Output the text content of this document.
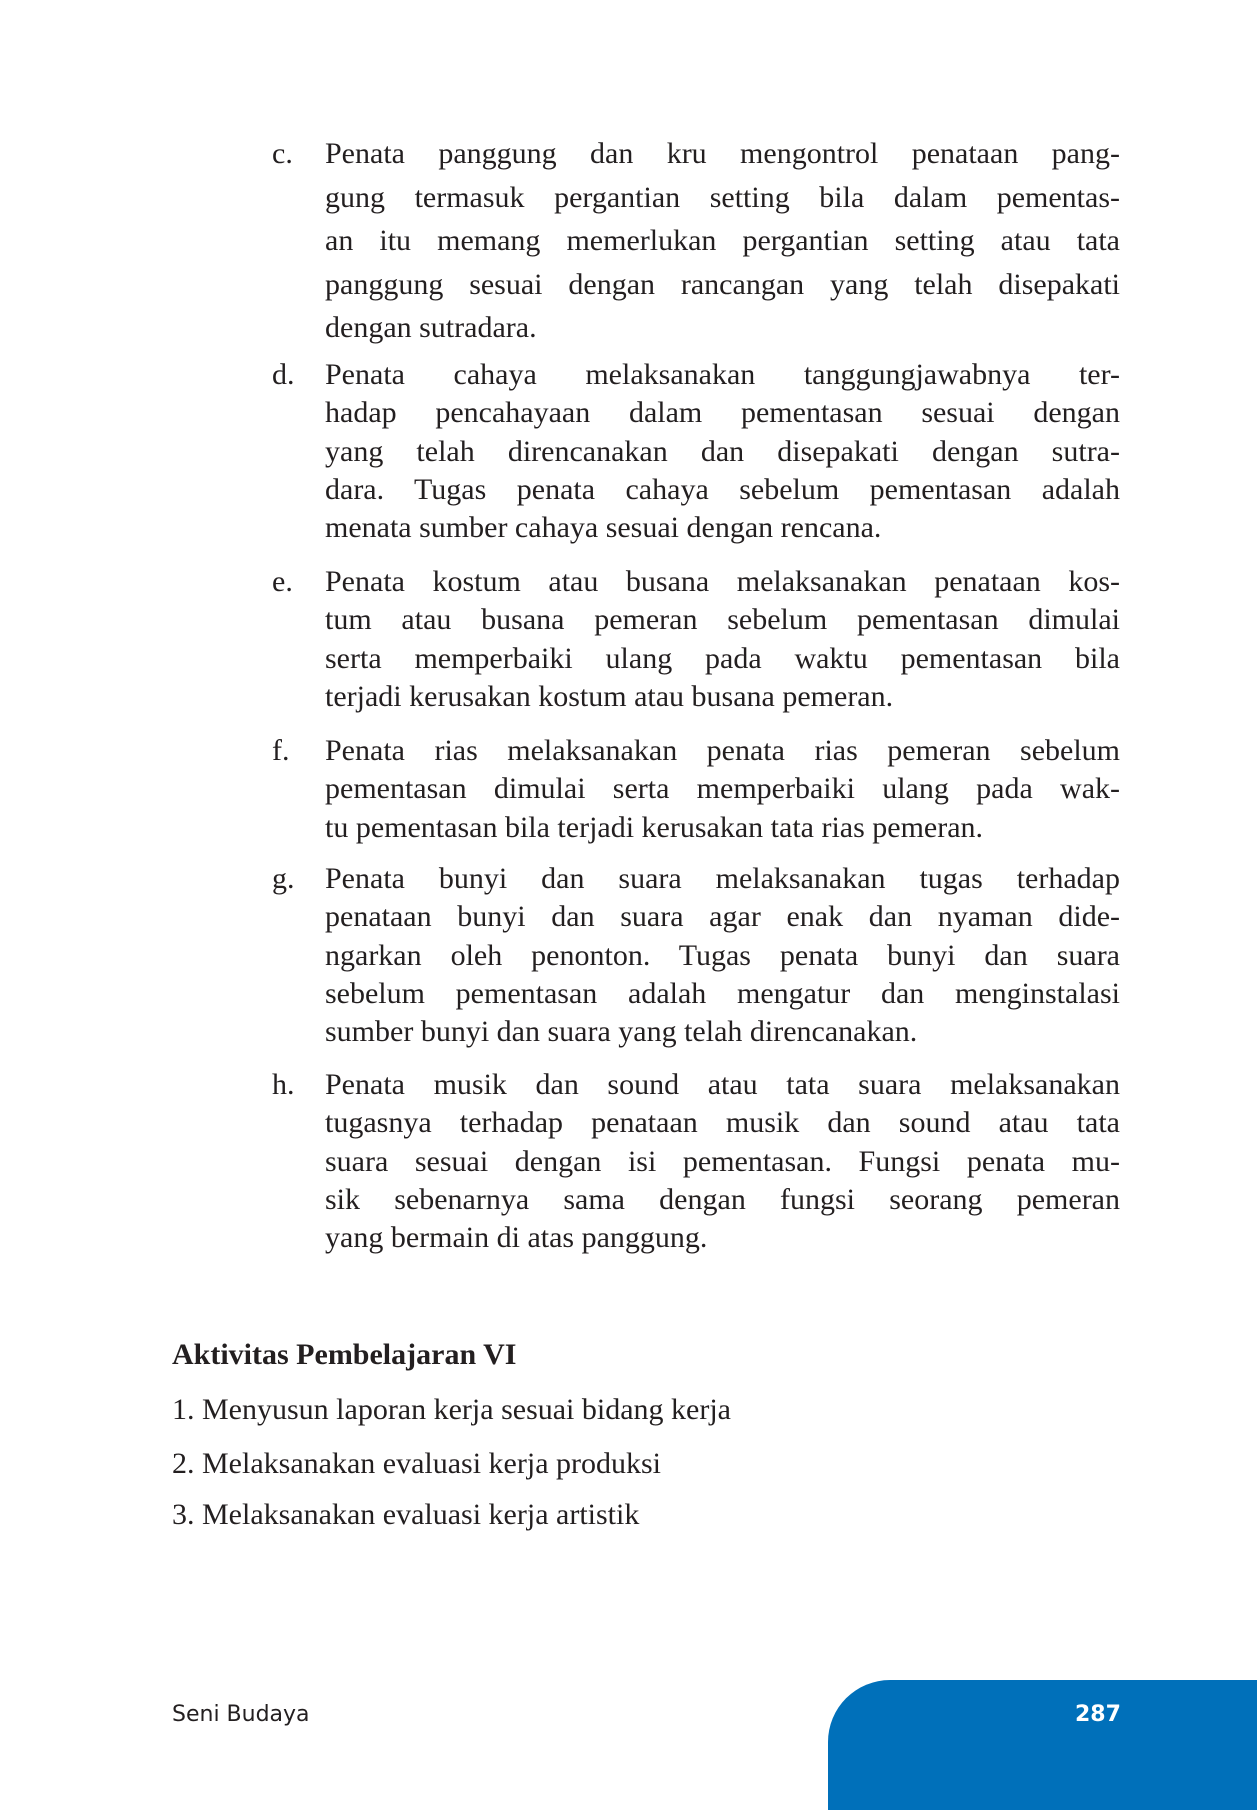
c. Penata panggung dan kru mengontrol penataan pang-
gung termasuk pergantian setting bila dalam pementas-
an itu memang memerlukan pergantian setting atau tata
panggung sesuai dengan rancangan yang telah disepakati
dengan sutradara.
d. Penata cahaya melaksanakan tanggungjawabnya ter-
hadap pencahayaan dalam pementasan sesuai dengan
yang telah direncanakan dan disepakati dengan sutra-
dara. Tugas penata cahaya sebelum pementasan adalah
menata sumber cahaya sesuai dengan rencana.
e. Penata kostum atau busana melaksanakan penataan kos-
tum atau busana pemeran sebelum pementasan dimulai
serta memperbaiki ulang pada waktu pementasan bila
terjadi kerusakan kostum atau busana pemeran.
f. Penata rias melaksanakan penata rias pemeran sebelum
pementasan dimulai serta memperbaiki ulang pada wak-
tu pementasan bila terjadi kerusakan tata rias pemeran.
g. Penata bunyi dan suara melaksanakan tugas terhadap
penataan bunyi dan suara agar enak dan nyaman dide-
ngarkan oleh penonton. Tugas penata bunyi dan suara
sebelum pementasan adalah mengatur dan menginstalasi
sumber bunyi dan suara yang telah direncanakan.
h. Penata musik dan sound atau tata suara melaksanakan
tugasnya terhadap penataan musik dan sound atau tata
suara sesuai dengan isi pementasan. Fungsi penata mu-
sik sebenarnya sama dengan fungsi seorang pemeran
yang bermain di atas panggung.
Aktivitas Pembelajaran VI
1. Menyusun laporan kerja sesuai bidang kerja
2. Melaksanakan evaluasi kerja produksi
3. Melaksanakan evaluasi kerja artistik
Seni Budaya	287
